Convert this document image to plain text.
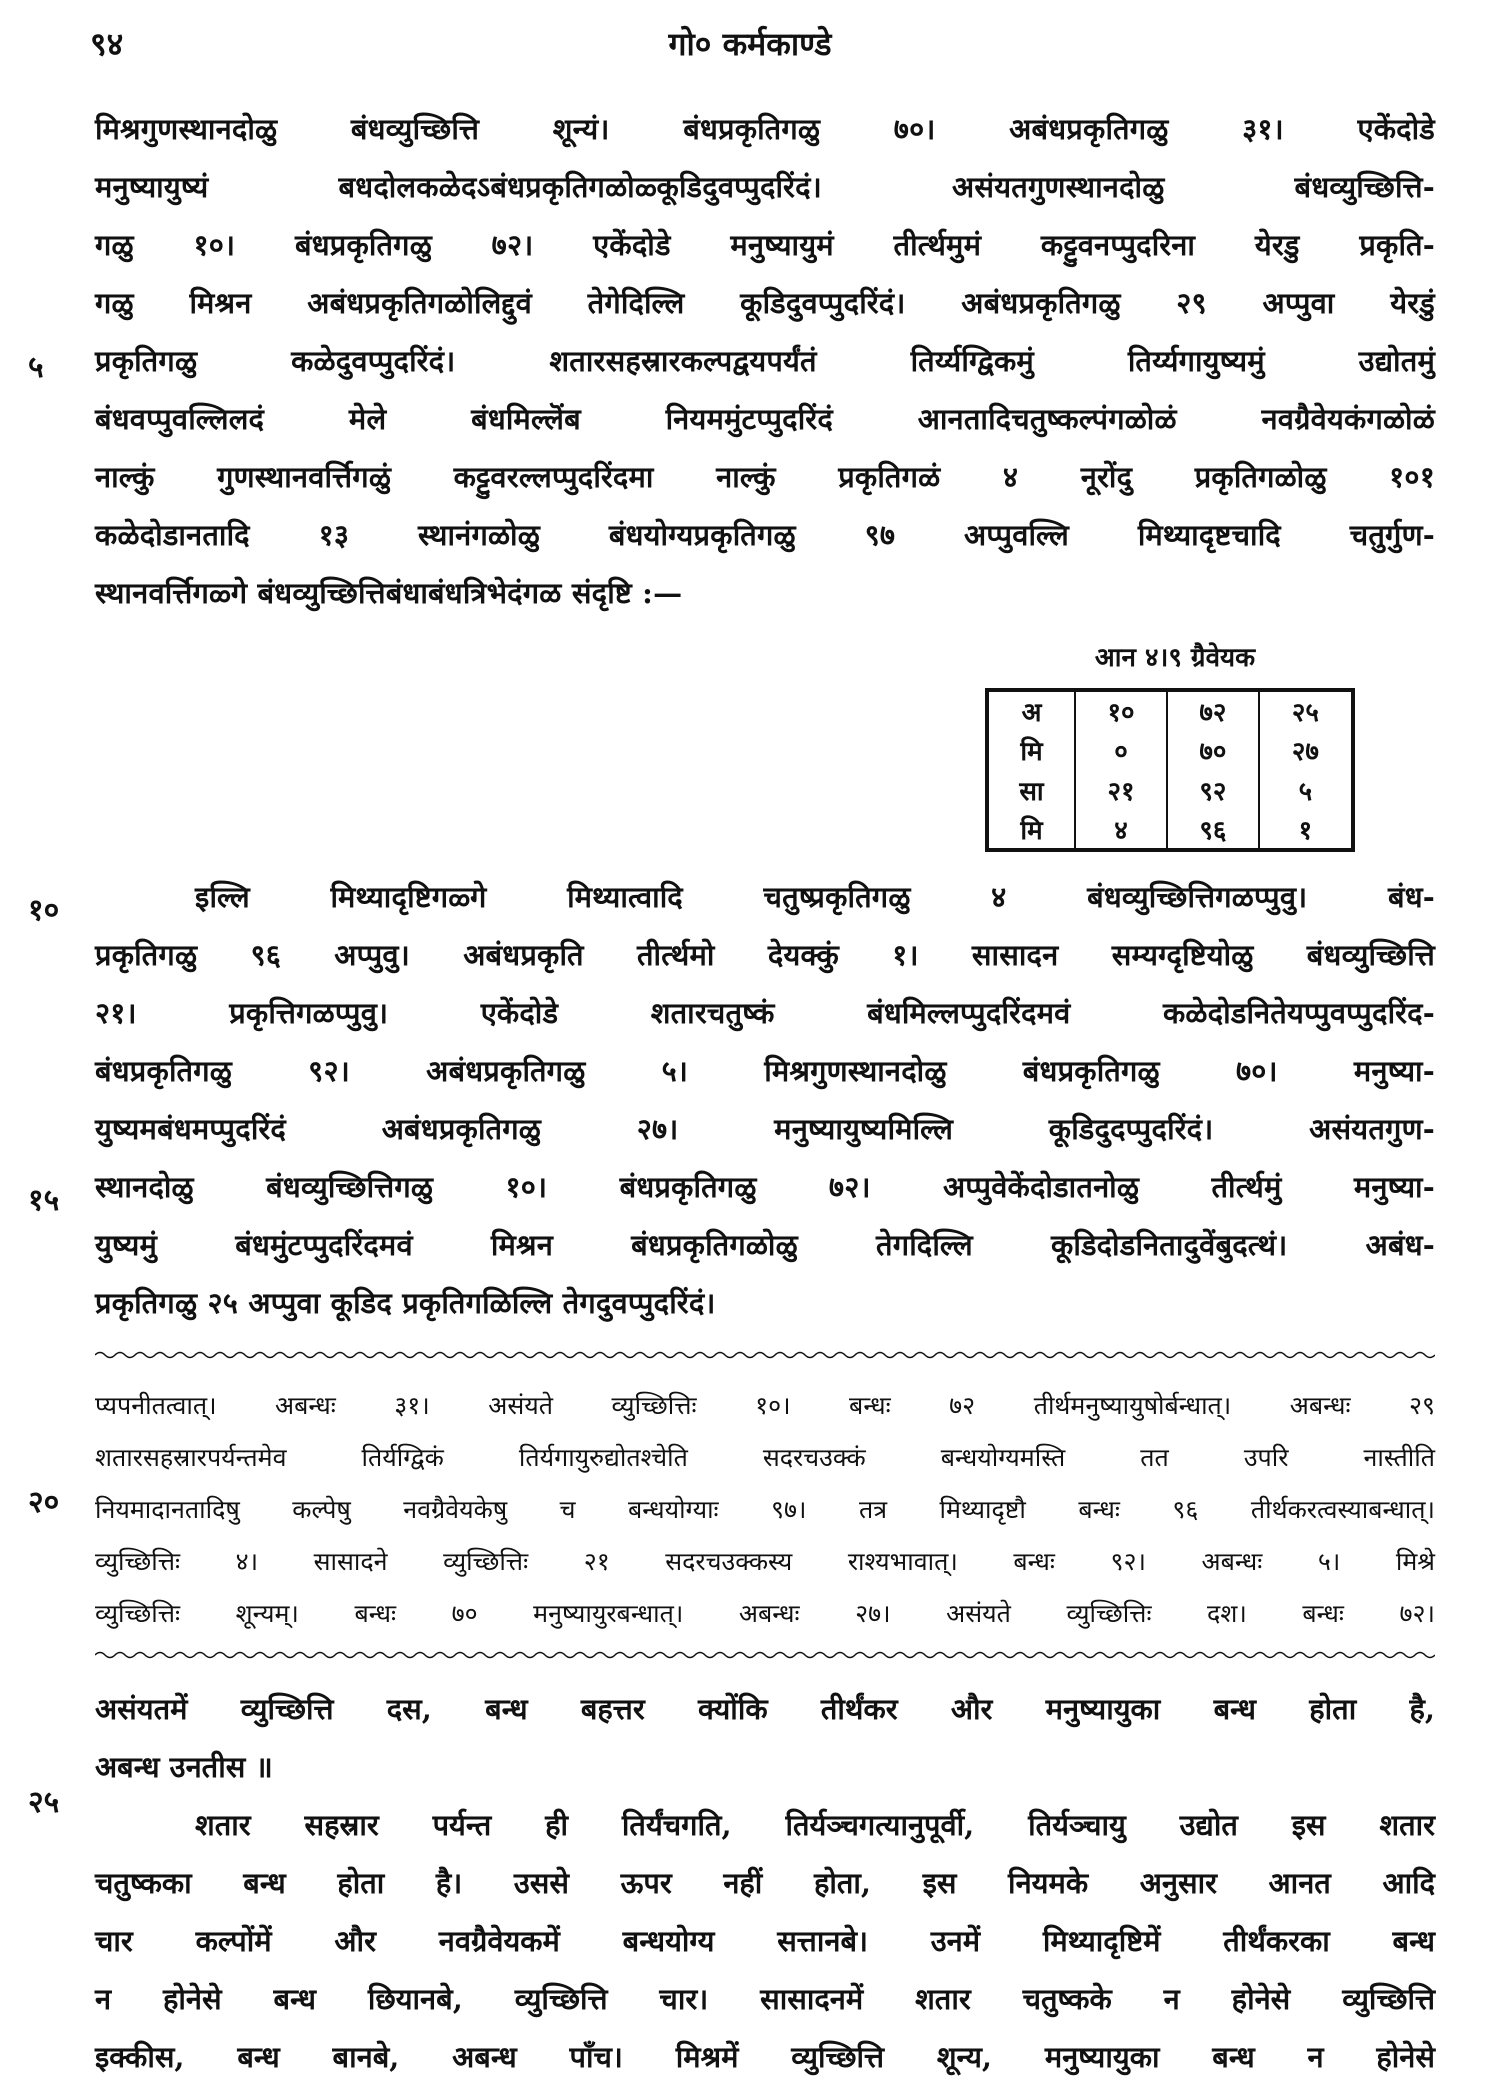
९४	गो० कर्मकाण्डे
५
१०
१५
२०
२५
मिश्रगुणस्थानदोळु बंधव्युच्छित्ति शून्यं। बंधप्रकृतिगळु ७०। अबंधप्रकृतिगळु ३१। एकेंदोडे
मनुष्यायुष्यं बधदोलकळेदऽबंधप्रकृतिगळोळ्कूडिदुवप्पुदरिंदं। असंयतगुणस्थानदोळु बंधव्युच्छित्ति-
गळु १०। बंधप्रकृतिगळु ७२। एकेंदोडे मनुष्यायुमं तीर्त्थमुमं कट्टुवनप्पुदरिना येरडु प्रकृति-
गळु मिश्रन अबंधप्रकृतिगळोलिद्दुवं तेगेदिल्लि कूडिदुवप्पुदरिंदं। अबंधप्रकृतिगळु २९ अप्पुवा येरडुं
प्रकृतिगळु कळेदुवप्पुदरिंदं। शतारसहस्रारकल्पद्वयपर्यंतं तिर्य्यग्द्विकमुं तिर्य्यगायुष्यमुं उद्योतमुं
बंधवप्पुवल्लिलदं मेले बंधमिल्लॆंब नियममुंटप्पुदरिंदं आनतादिचतुष्कल्पंगळोळं नवग्रैवेयकंगळोळं
नाल्कुं गुणस्थानवर्त्तिगळुं कट्टुवरल्लप्पुदरिंदमा नाल्कुं प्रकृतिगळं ४ नूरोंदु प्रकृतिगळोळु १०१
कळेदोडानतादि १३ स्थानंगळोळु बंधयोग्यप्रकृतिगळु ९७ अप्पुवल्लि मिथ्यादृष्टचादि चतुर्गुण-
स्थानवर्त्तिगळ्गे बंधव्युच्छित्तिबंधाबंधत्रिभेदंगळ संदृष्टि :—
आन ४।९ ग्रैवेयक
अ	१०	७२	२५
मि	०	७०	२७
सा	२१	९२	५
मि	४	९६	१
इल्लि मिथ्यादृष्टिगळ्गे मिथ्यात्वादि चतुष्प्रकृतिगळु ४ बंधव्युच्छित्तिगळप्पुवु। बंध-
प्रकृतिगळु ९६ अप्पुवु। अबंधप्रकृति तीर्त्थमो देयक्कुं १। सासादन सम्यग्दृष्टियोळु बंधव्युच्छित्ति
२१। प्रकृत्तिगळप्पुवु। एकेंदोडे शतारचतुष्कं बंधमिल्लप्पुदरिंदमवं कळेदोडनितेयप्पुवप्पुदरिंद-
बंधप्रकृतिगळु ९२। अबंधप्रकृतिगळु ५। मिश्रगुणस्थानदोळु बंधप्रकृतिगळु ७०। मनुष्या-
युष्यमबंधमप्पुदरिंदं अबंधप्रकृतिगळु २७। मनुष्यायुष्यमिल्लि कूडिदुदप्पुदरिंदं। असंयतगुण-
स्थानदोळु बंधव्युच्छित्तिगळु १०। बंधप्रकृतिगळु ७२। अप्पुवेकेंदोडातनोळु तीर्त्थमुं मनुष्या-
युष्यमुं बंधमुंटप्पुदरिंदमवं मिश्रन बंधप्रकृतिगळोळु तेगदिल्लि कूडिदोडनितादुवेंबुदत्थं। अबंध-
प्रकृतिगळु २५ अप्पुवा कूडिद प्रकृतिगळिल्लि तेगदुवप्पुदरिंदं।
प्यपनीतत्वात्। अबन्धः ३१। असंयते व्युच्छित्तिः १०। बन्धः ७२ तीर्थमनुष्यायुषोर्बन्धात्। अबन्धः २९
शतारसहस्रारपर्यन्तमेव तिर्यग्द्विकं तिर्यगायुरुद्योतश्चेति सदरचउक्कं बन्धयोग्यमस्ति तत उपरि नास्तीति
नियमादानतादिषु कल्पेषु नवग्रैवेयकेषु च बन्धयोग्याः ९७। तत्र मिथ्यादृष्टौ बन्धः ९६ तीर्थकरत्वस्याबन्धात्।
व्युच्छित्तिः ४। सासादने व्युच्छित्तिः २१ सदरचउक्कस्य राश्यभावात्। बन्धः ९२। अबन्धः ५। मिश्रे
व्युच्छित्तिः शून्यम्। बन्धः ७० मनुष्यायुरबन्धात्। अबन्धः २७। असंयते व्युच्छित्तिः दश। बन्धः ७२।
असंयतमें व्युच्छित्ति दस, बन्ध बहत्तर क्योंकि तीर्थंकर और मनुष्यायुका बन्ध होता है,
अबन्ध उनतीस ॥
शतार सहस्रार पर्यन्त ही तिर्यंचगति, तिर्यञ्चगत्यानुपूर्वी, तिर्यञ्चायु उद्योत इस शतार
चतुष्कका बन्ध होता है। उससे ऊपर नहीं होता, इस नियमके अनुसार आनत आदि
चार कल्पोंमें और नवग्रैवेयकमें बन्धयोग्य सत्तानबे। उनमें मिथ्यादृष्टिमें तीर्थंकरका बन्ध
न होनेसे बन्ध छियानबे, व्युच्छित्ति चार। सासादनमें शतार चतुष्कके न होनेसे व्युच्छित्ति
इक्कीस, बन्ध बानबे, अबन्ध पाँच। मिश्रमें व्युच्छित्ति शून्य, मनुष्यायुका बन्ध न होनेसे
